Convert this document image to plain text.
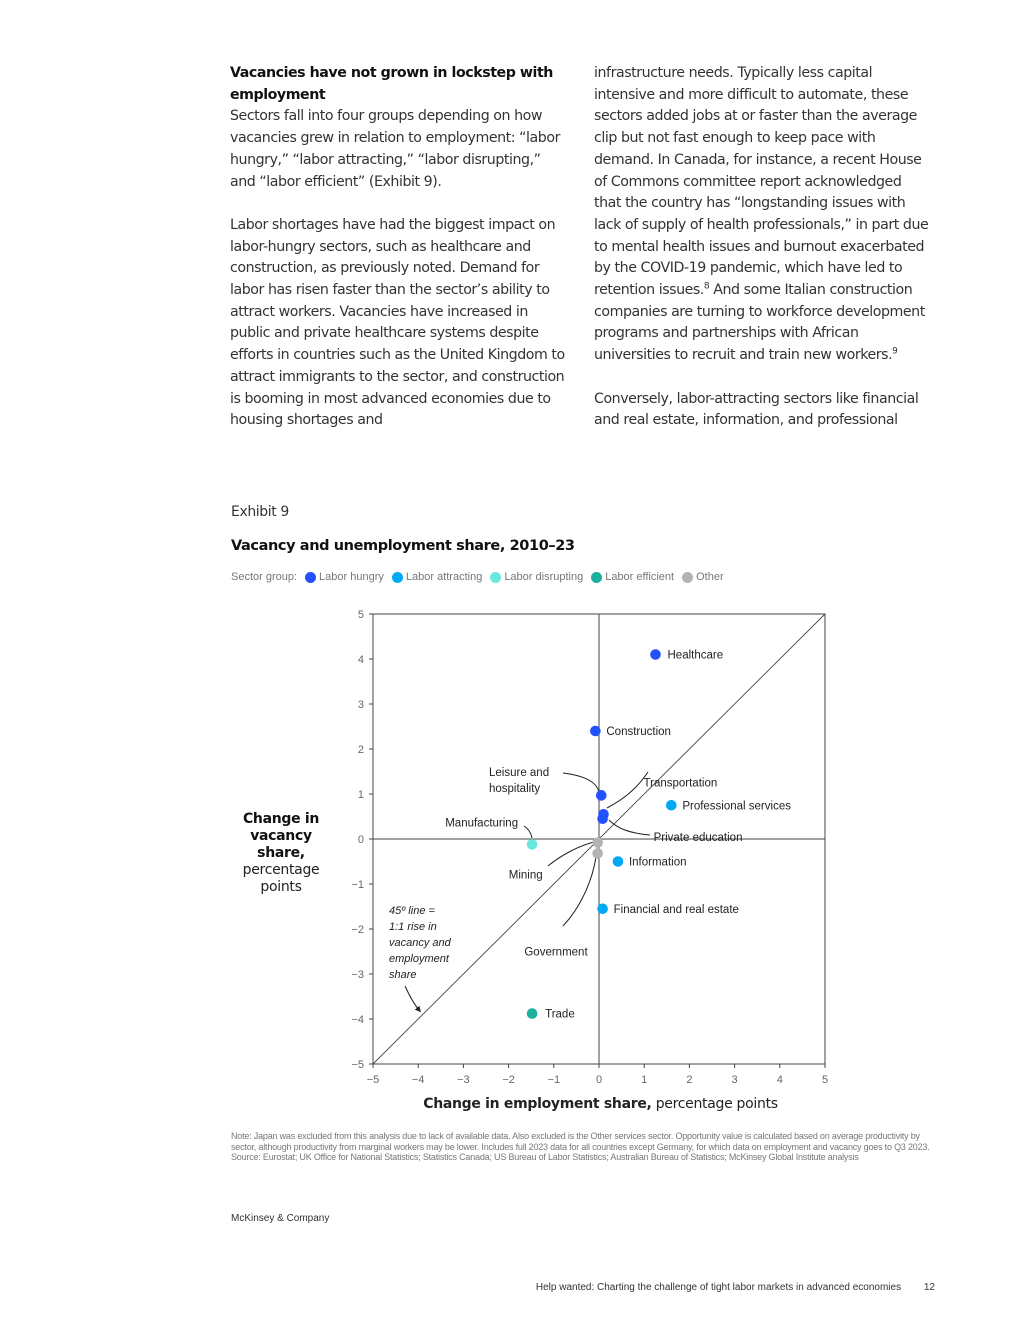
Vacancies have not grown in lockstep with employment
Sectors fall into four groups depending on how vacancies grew in relation to employment: “labor hungry,” “labor attracting,” “labor disrupting,” and “labor efficient” (Exhibit 9).

Labor shortages have had the biggest impact on labor-hungry sectors, such as healthcare and construction, as previously noted. Demand for labor has risen faster than the sector’s ability to attract workers. Vacancies have increased in public and private healthcare systems despite efforts in countries such as the United Kingdom to attract immigrants to the sector, and construction is booming in most advanced economies due to housing shortages and

infrastructure needs. Typically less capital intensive and more difficult to automate, these sectors added jobs at or faster than the average clip but not fast enough to keep pace with demand. In Canada, for instance, a recent House of Commons committee report acknowledged that the country has “longstanding issues with lack of supply of health professionals,” in part due to mental health issues and burnout exacerbated by the COVID-19 pandemic, which have led to retention issues.$^8$ And some Italian construction companies are turning to workforce development programs and partnerships with African universities to recruit and train new workers.$^9$

Conversely, labor-attracting sectors like financial and real estate, information, and professional

Exhibit 9
Vacancy and unemployment share, 2010–23
Sector group: Labor hungry Labor attracting Labor disrupting Labor efficient Other
Change in vacancy share,
percentage points
Change in employment share, percentage points
−5	−4	−3	−2	−1	0	1	2	3	4	5
−5
−4
−3
−2
−1
0
1
2
3
4
5
Healthcare
Construction
Leisure and hospitality	Transportation
Private education
Professional services
Information
Financial and real estate
Manufacturing
Mining
Government
Trade
45º line =
1:1 rise in
vacancy and
employment
share
Note: Japan was excluded from this analysis due to lack of available data. Also excluded is the Other services sector. Opportunity value is calculated based on average productivity by sector, although productivity from marginal workers may be lower. Includes full 2023 data for all countries except Germany, for which data on employment and vacancy goes to Q3 2023.
Source: Eurostat; UK Office for National Statistics; Statistics Canada; US Bureau of Labor Statistics; Australian Bureau of Statistics; McKinsey Global Institute analysis
McKinsey & Company
Help wanted: Charting the challenge of tight labor markets in advanced economies 12
